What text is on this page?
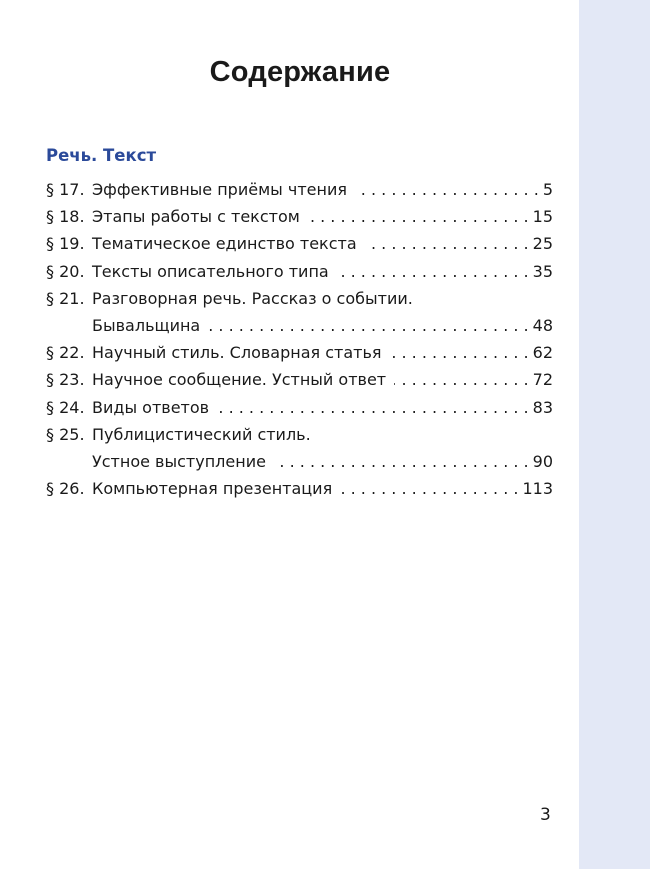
Содержание
Речь. Текст
§ 17. Эффективные приёмы чтения . . .	5
§ 18. Этапы работы с текстом . . .	15
§ 19. Тематическое единство текста . . .	25
§ 20. Тексты описательного типа . . .	35
§ 21. Разговорная речь. Рассказ о событии.
Бывальщина . . .	48
§ 22. Научный стиль. Словарная статья . . .	62
§ 23. Научное сообщение. Устный ответ . . .	72
§ 24. Виды ответов . . .	83
§ 25. Публицистический стиль.
Устное выступление . . .	90
§ 26. Компьютерная презентация . . .	113
3
